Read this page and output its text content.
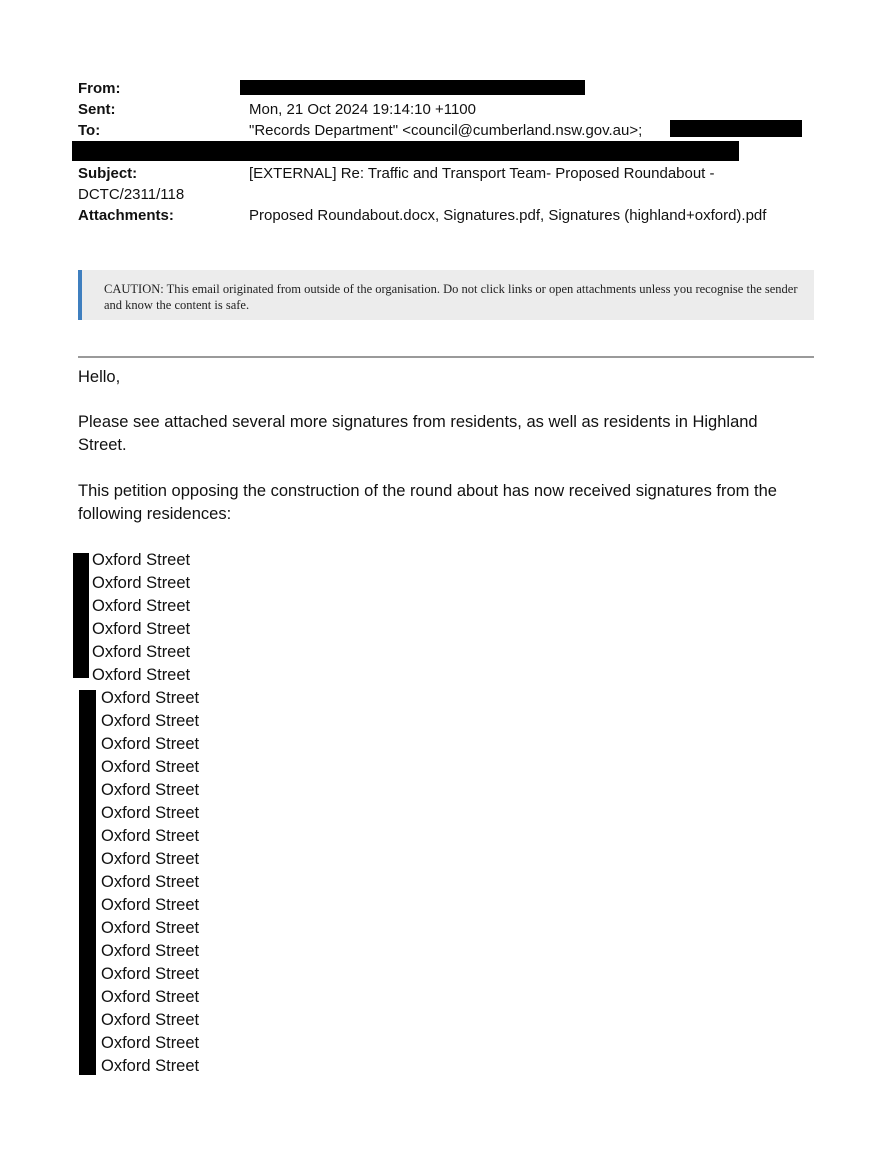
From:
Sent:	Mon, 21 Oct 2024 19:14:10 +1100
To:	"Records Department" <council@cumberland.nsw.gov.au>;
Subject:	[EXTERNAL] Re: Traffic and Transport Team- Proposed Roundabout -
DCTC/2311/118
Attachments:	Proposed Roundabout.docx, Signatures.pdf, Signatures (highland+oxford).pdf
CAUTION: This email originated from outside of the organisation. Do not click links or open attachments unless you recognise the sender and know the content is safe.
Hello,
Please see attached several more signatures from residents, as well as residents in Highland Street.
This petition opposing the construction of the round about has now received signatures from the following residences:
Oxford Street
Oxford Street
Oxford Street
Oxford Street
Oxford Street
Oxford Street
Oxford Street
Oxford Street
Oxford Street
Oxford Street
Oxford Street
Oxford Street
Oxford Street
Oxford Street
Oxford Street
Oxford Street
Oxford Street
Oxford Street
Oxford Street
Oxford Street
Oxford Street
Oxford Street
Oxford Street
